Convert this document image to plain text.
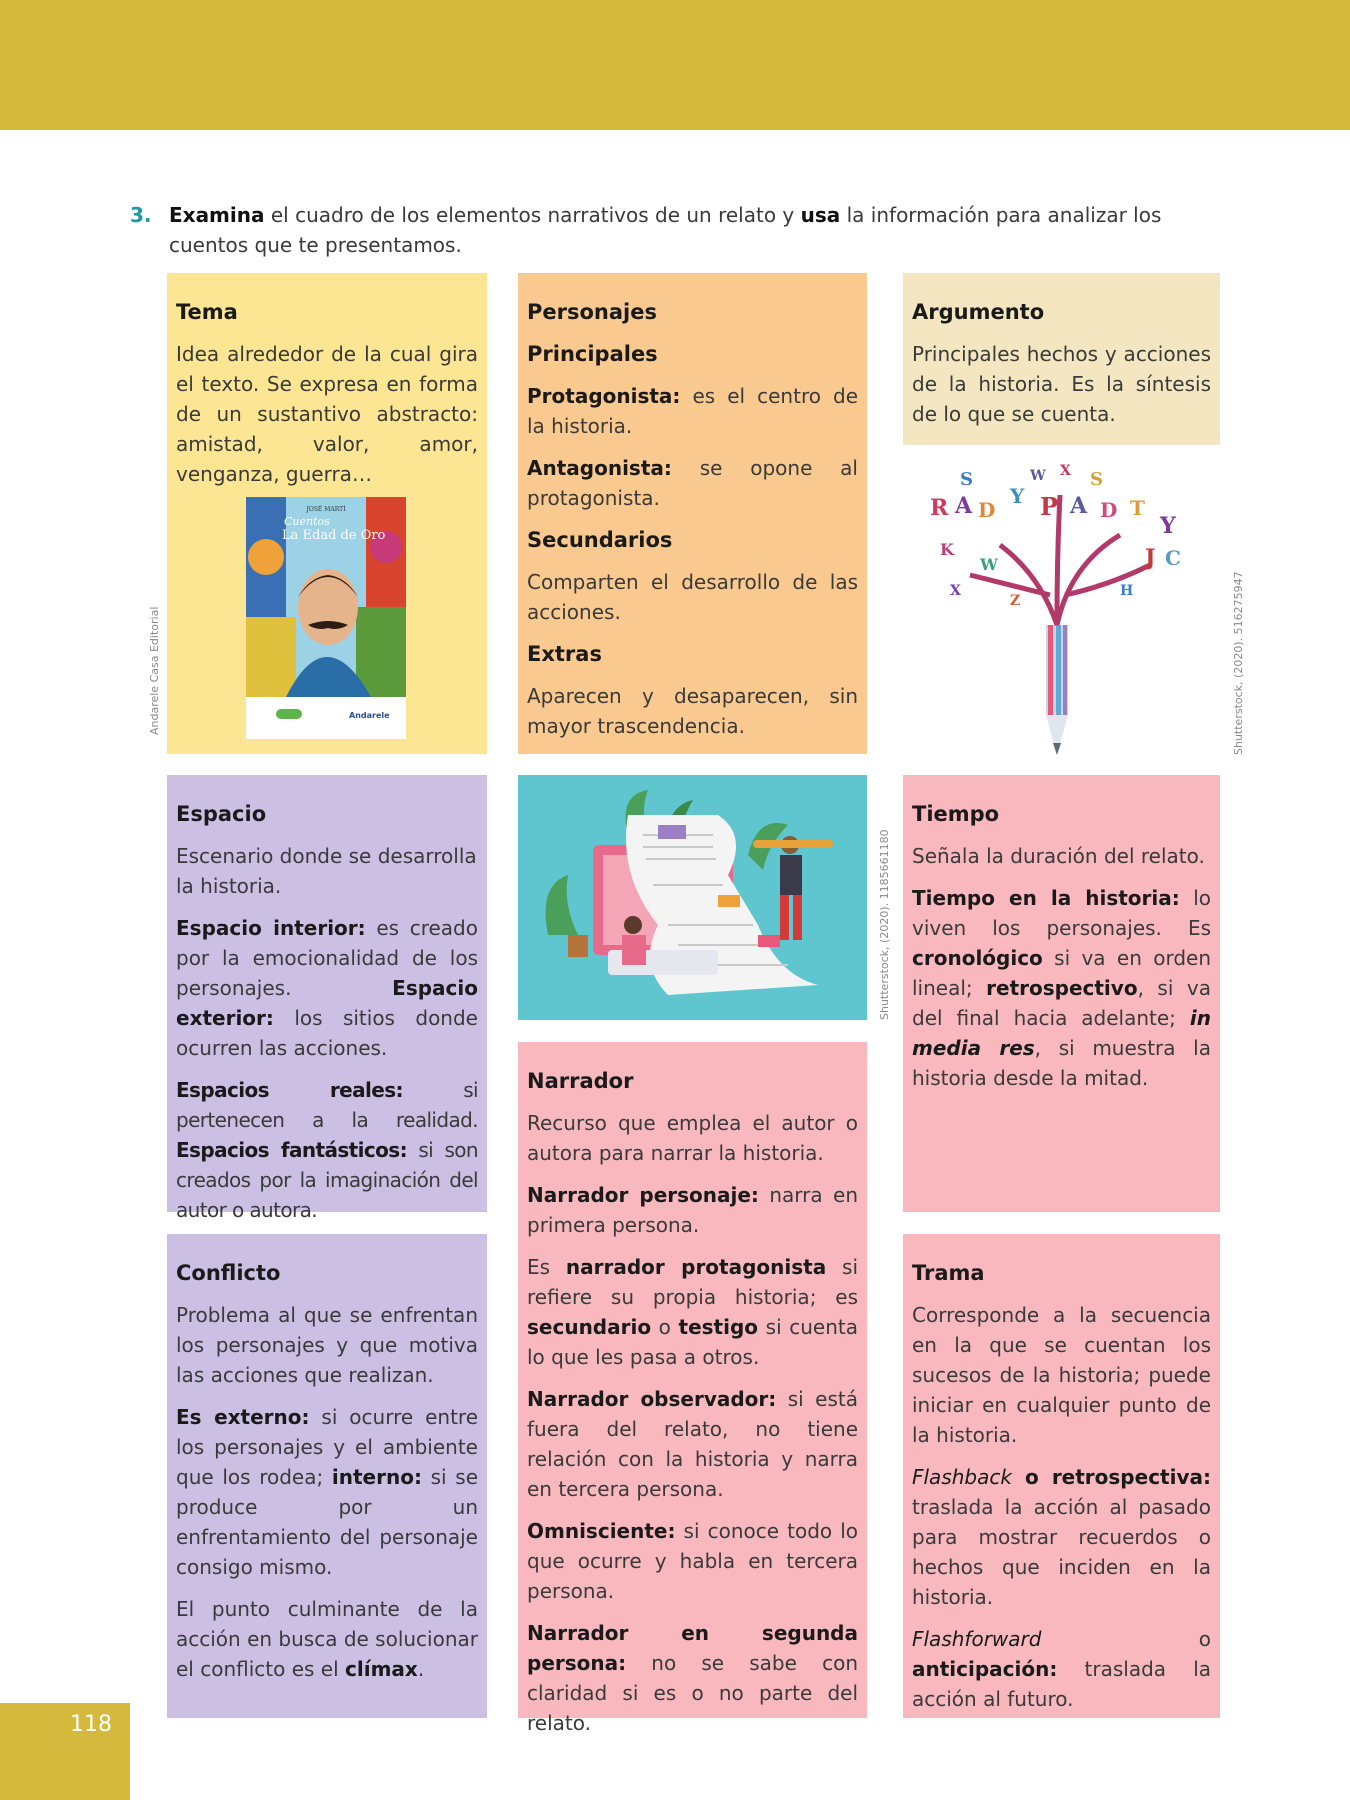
3. Examina el cuadro de los elementos narrativos de un relato y usa la información para analizar los cuentos que te presentamos.
Tema

Idea alrededor de la cual gira el texto. Se expresa en forma de un sustantivo abstracto: amistad, valor, amor, venganza, guerra…

JOSÉ MARTÍ
Cuentos
La Edad de Oro
Andarele
Andarele Casa Editorial
Personajes
Principales

Protagonista: es el centro de la historia.

Antagonista: se opone al protagonista.

Secundarios

Comparten el desarrollo de las acciones.

Extras

Aparecen y desaparecen, sin mayor trascendencia.

Argumento

Principales hechos y acciones de la historia. Es la síntesis de lo que se cuenta.

R A D
Y P A D T
Y
J C
S	S
K
W
X
Z
H
W X
Shutterstock, (2020). 516275947
Espacio

Escenario donde se desarrolla la historia.

Espacio interior: es creado por la emocionalidad de los personajes. Espacio exterior: los sitios donde ocurren las acciones.

Espacios reales: si pertenecen a la realidad. Espacios fantásticos: si son creados por la imaginación del autor o autora.

Shutterstock, (2020). 1185661180
Tiempo

Señala la duración del relato.

Tiempo en la historia: lo viven los personajes. Es cronológico si va en orden lineal; retrospectivo, si va del final hacia adelante; in media res, si muestra la historia desde la mitad.

Narrador

Recurso que emplea el autor o autora para narrar la historia.

Narrador personaje: narra en primera persona.

Es narrador protagonista si refiere su propia historia; es secundario o testigo si cuenta lo que les pasa a otros.

Narrador observador: si está fuera del relato, no tiene relación con la historia y narra en tercera persona.

Omnisciente: si conoce todo lo que ocurre y habla en tercera persona.

Narrador en segunda persona: no se sabe con claridad si es o no parte del relato.

Conflicto

Problema al que se enfrentan los personajes y que motiva las acciones que realizan.

Es externo: si ocurre entre los personajes y el ambiente que los rodea; interno: si se produce por un enfrentamiento del personaje consigo mismo.

El punto culminante de la acción en busca de solucionar el conflicto es el clímax.

Trama

Corresponde a la secuencia en la que se cuentan los sucesos de la historia; puede iniciar en cualquier punto de la historia.

Flashback o retrospectiva: traslada la acción al pasado para mostrar recuerdos o hechos que inciden en la historia.

Flashforward o anticipación: traslada la acción al futuro.

118
